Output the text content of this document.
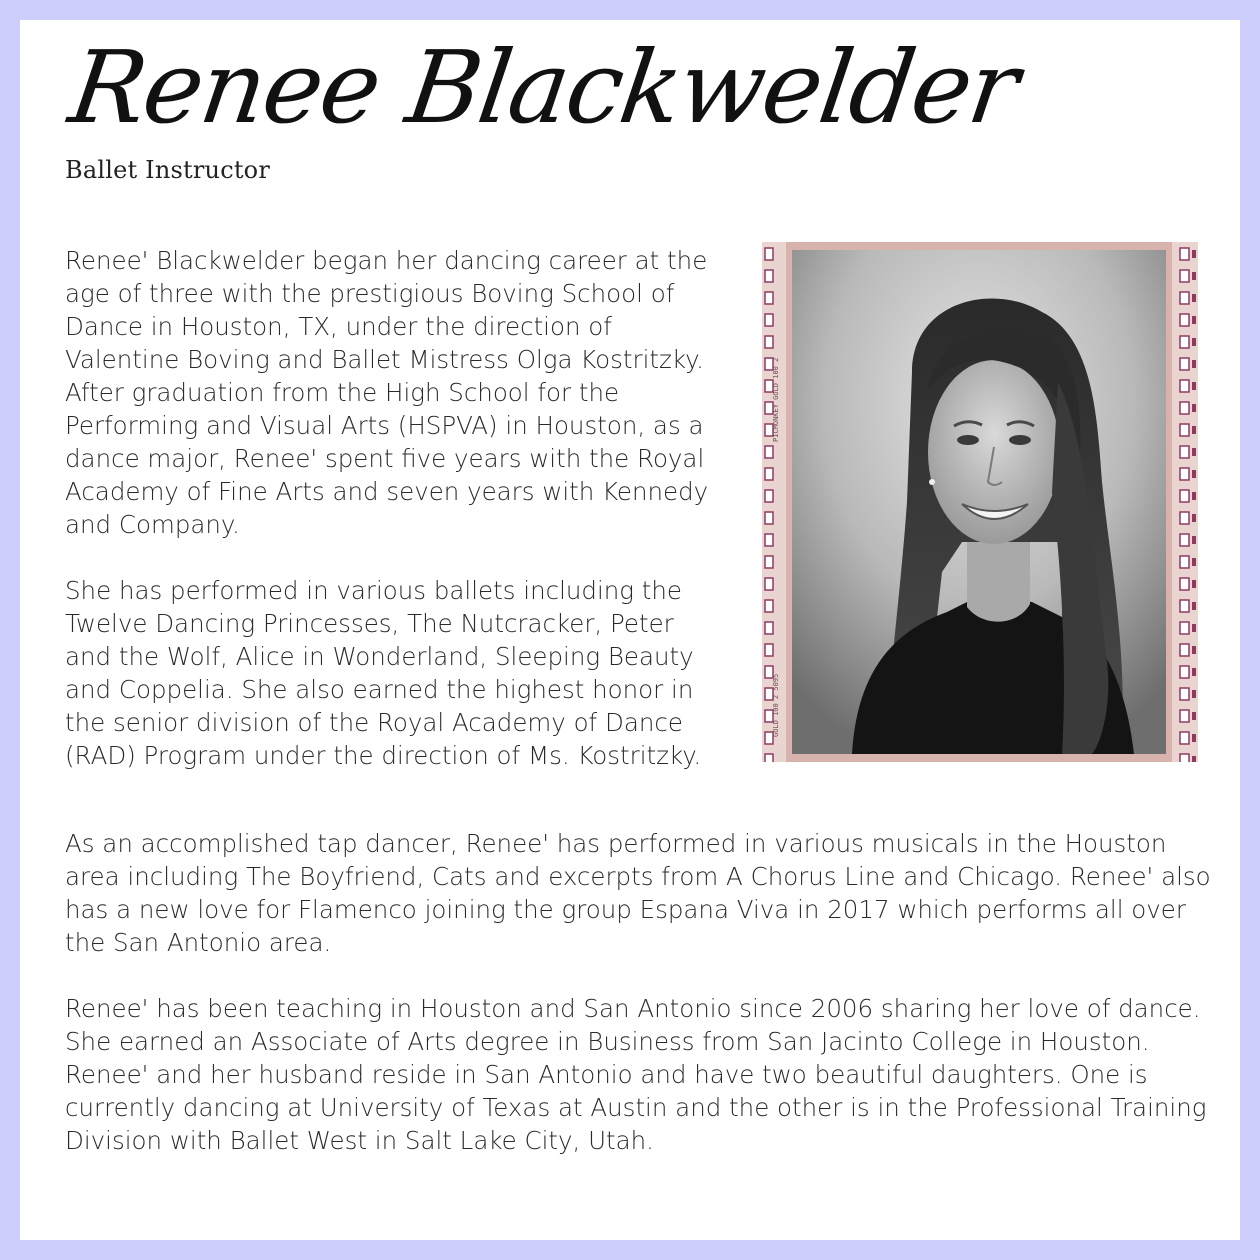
Renee Blackwelder
Ballet Instructor

Renee' Blackwelder began her dancing career at the age of three with the prestigious Boving School of Dance in Houston, TX, under the direction of Valentine Boving and Ballet Mistress Olga Kostritzky. After graduation from the High School for the Performing and Visual Arts (HSPVA) in Houston, as a dance major, Renee' spent five years with the Royal Academy of Fine Arts and seven years with Kennedy and Company.

She has performed in various ballets including the Twelve Dancing Princesses, The Nutcracker, Peter and the Wolf, Alice in Wonderland, Sleeping Beauty and Coppelia. She also earned the highest honor in the senior division of the Royal Academy of Dance (RAD) Program under the direction of Ms. Kostritzky.

PICMONKEY GOLD 100 2
GOLD 100 2 5095

As an accomplished tap dancer, Renee' has performed in various musicals in the Houston area including The Boyfriend, Cats and excerpts from A Chorus Line and Chicago. Renee' also has a new love for Flamenco joining the group Espana Viva in 2017 which performs all over the San Antonio area.

Renee' has been teaching in Houston and San Antonio since 2006 sharing her love of dance. She earned an Associate of Arts degree in Business from San Jacinto College in Houston. Renee' and her husband reside in San Antonio and have two beautiful daughters. One is currently dancing at University of Texas at Austin and the other is in the Professional Training Division with Ballet West in Salt Lake City, Utah.
